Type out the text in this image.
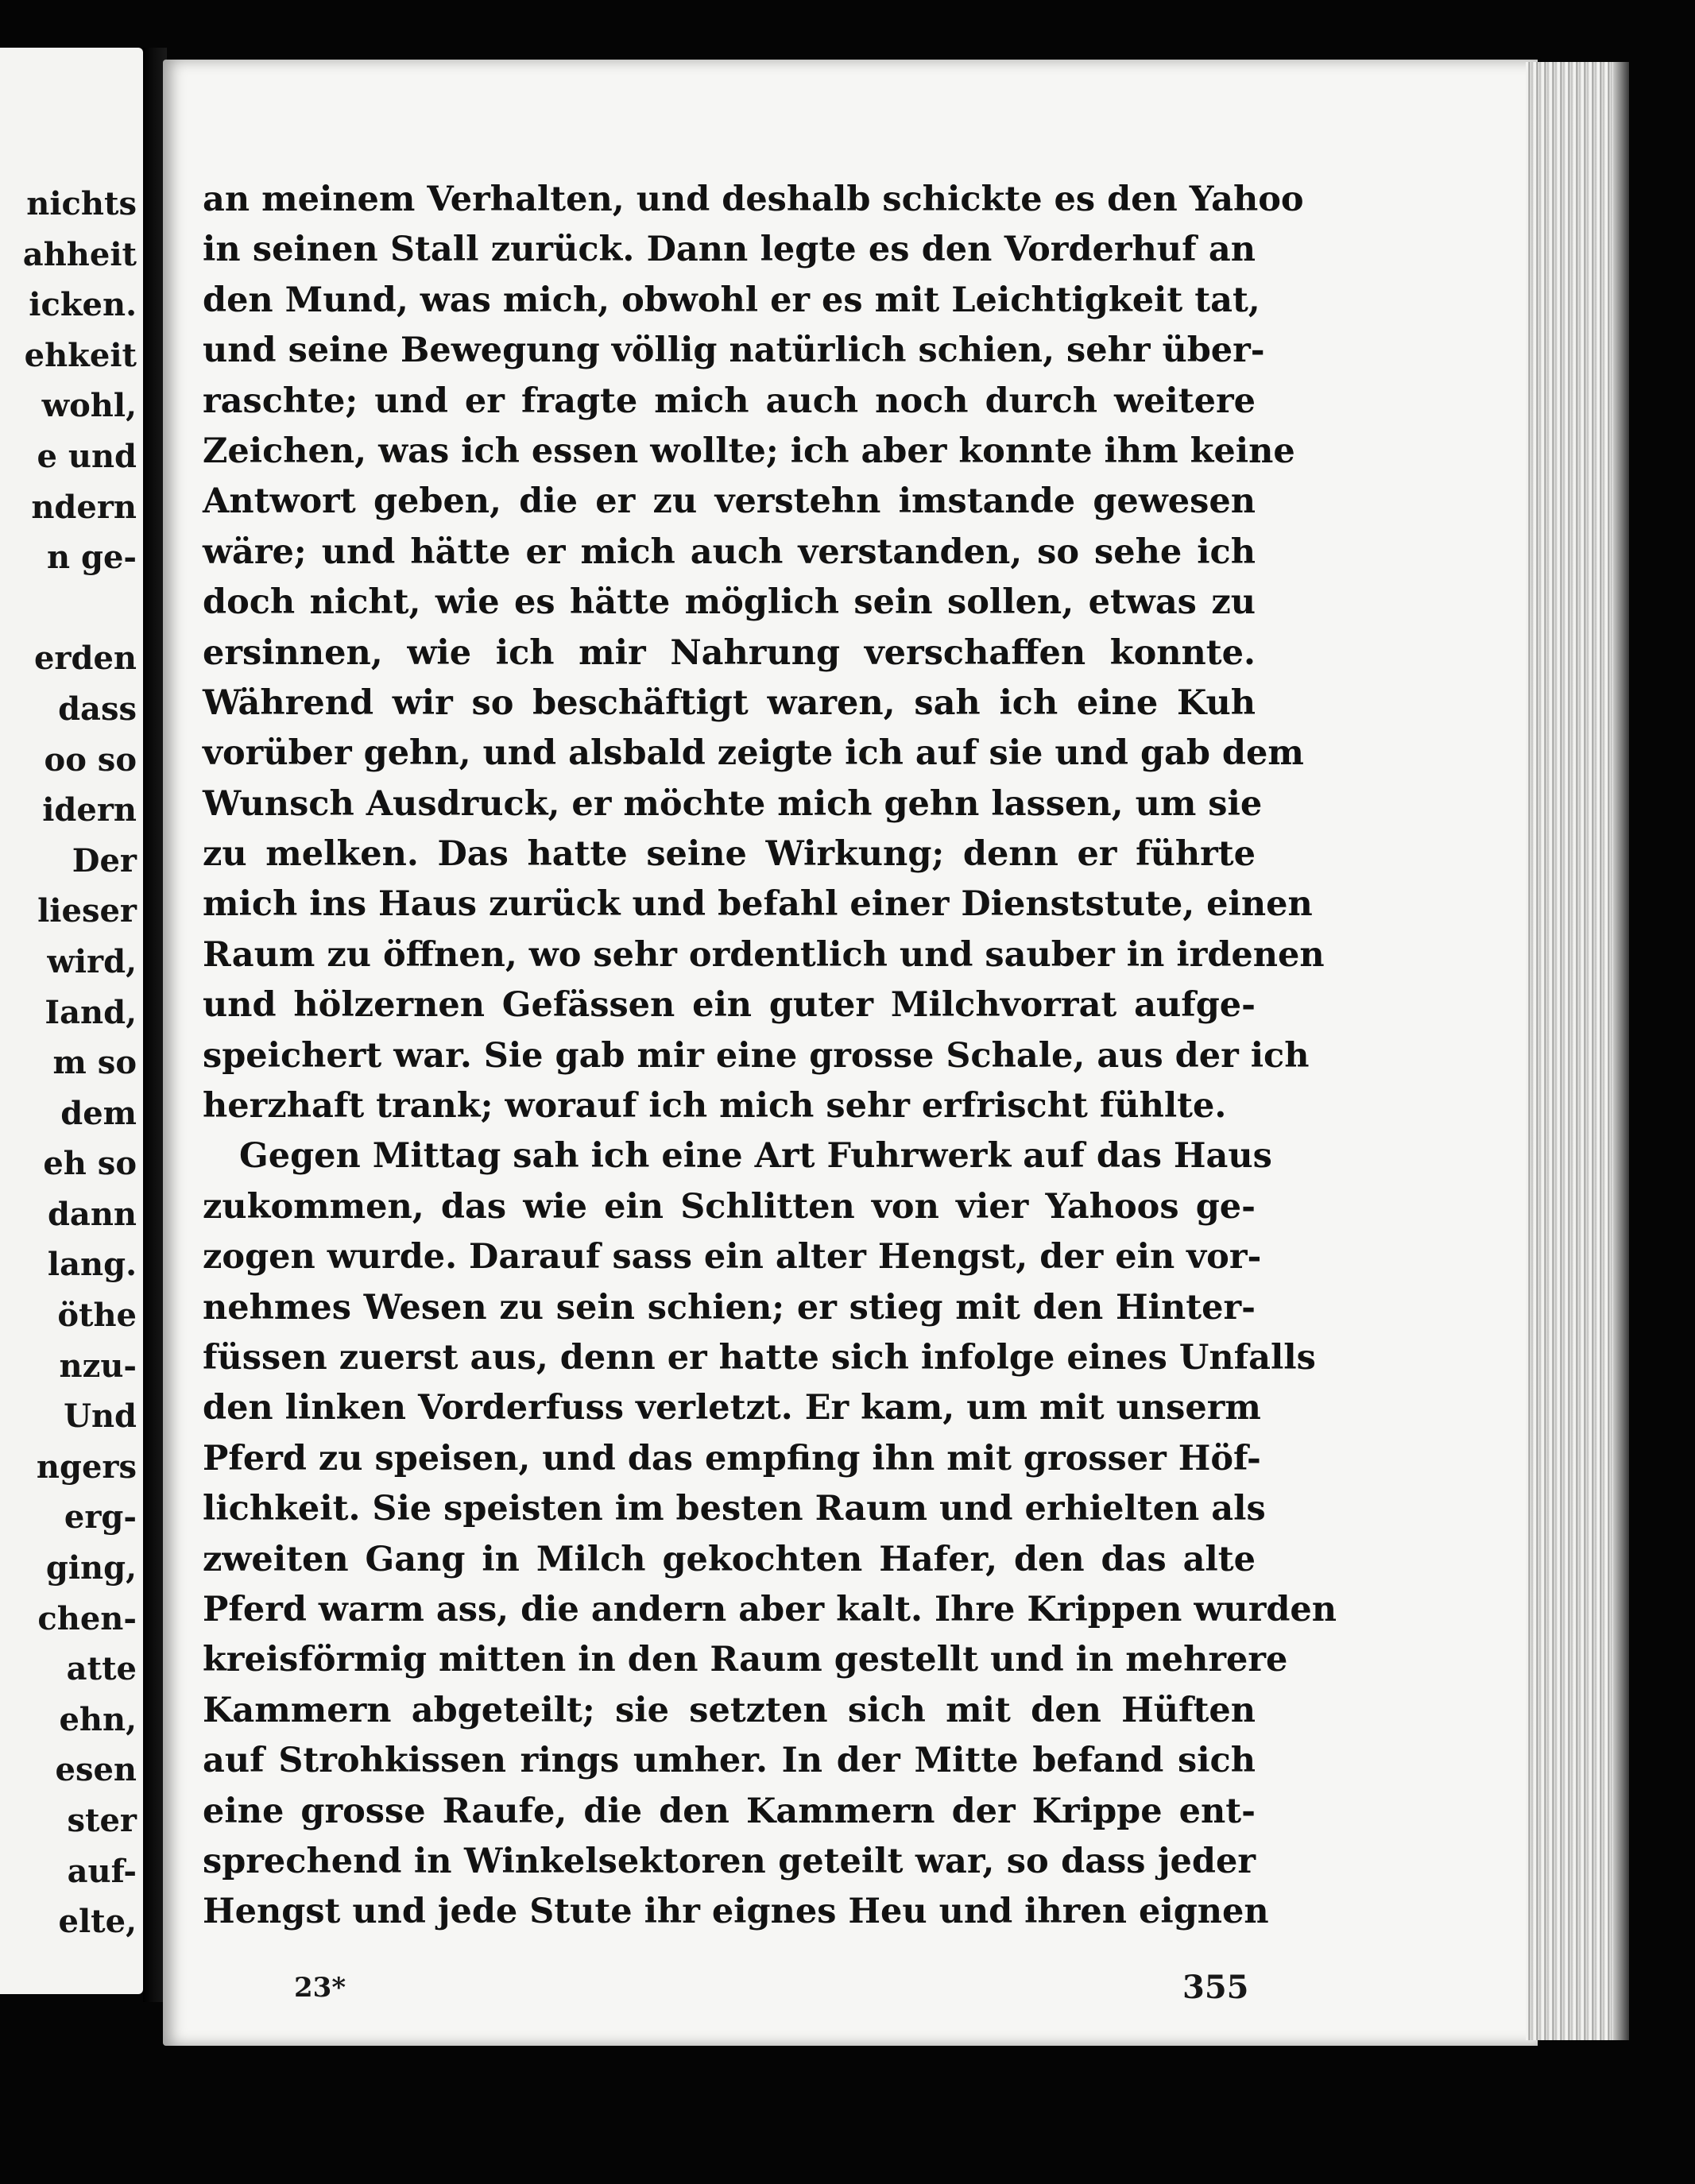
nichts
ahheit
icken.
ehkeit
wohl,
e und
ndern
n ge-
erden
dass
oo so
idern
Der
lieser
wird,
Iand,
m so
dem
eh so
dann
lang.
öthe
nzu-
Und
ngers
erg-
ging,
chen-
atte
ehn,
esen
ster
auf-
elte,
an meinem Verhalten, und deshalb schickte es den Yahoo
in seinen Stall zurück. Dann legte es den Vorderhuf an
den Mund, was mich, obwohl er es mit Leichtigkeit tat,
und seine Bewegung völlig natürlich schien, sehr über-
raschte; und er fragte mich auch noch durch weitere
Zeichen, was ich essen wollte; ich aber konnte ihm keine
Antwort geben, die er zu verstehn imstande gewesen
wäre; und hätte er mich auch verstanden, so sehe ich
doch nicht, wie es hätte möglich sein sollen, etwas zu
ersinnen, wie ich mir Nahrung verschaffen konnte.
Während wir so beschäftigt waren, sah ich eine Kuh
vorüber gehn, und alsbald zeigte ich auf sie und gab dem
Wunsch Ausdruck, er möchte mich gehn lassen, um sie
zu melken. Das hatte seine Wirkung; denn er führte
mich ins Haus zurück und befahl einer Dienststute, einen
Raum zu öffnen, wo sehr ordentlich und sauber in irdenen
und hölzernen Gefässen ein guter Milchvorrat aufge-
speichert war. Sie gab mir eine grosse Schale, aus der ich
herzhaft trank; worauf ich mich sehr erfrischt fühlte.
Gegen Mittag sah ich eine Art Fuhrwerk auf das Haus
zukommen, das wie ein Schlitten von vier Yahoos ge-
zogen wurde. Darauf sass ein alter Hengst, der ein vor-
nehmes Wesen zu sein schien; er stieg mit den Hinter-
füssen zuerst aus, denn er hatte sich infolge eines Unfalls
den linken Vorderfuss verletzt. Er kam, um mit unserm
Pferd zu speisen, und das empfing ihn mit grosser Höf-
lichkeit. Sie speisten im besten Raum und erhielten als
zweiten Gang in Milch gekochten Hafer, den das alte
Pferd warm ass, die andern aber kalt. Ihre Krippen wurden
kreisförmig mitten in den Raum gestellt und in mehrere
Kammern abgeteilt; sie setzten sich mit den Hüften
auf Strohkissen rings umher. In der Mitte befand sich
eine grosse Raufe, die den Kammern der Krippe ent-
sprechend in Winkelsektoren geteilt war, so dass jeder
Hengst und jede Stute ihr eignes Heu und ihren eignen
23*	355
